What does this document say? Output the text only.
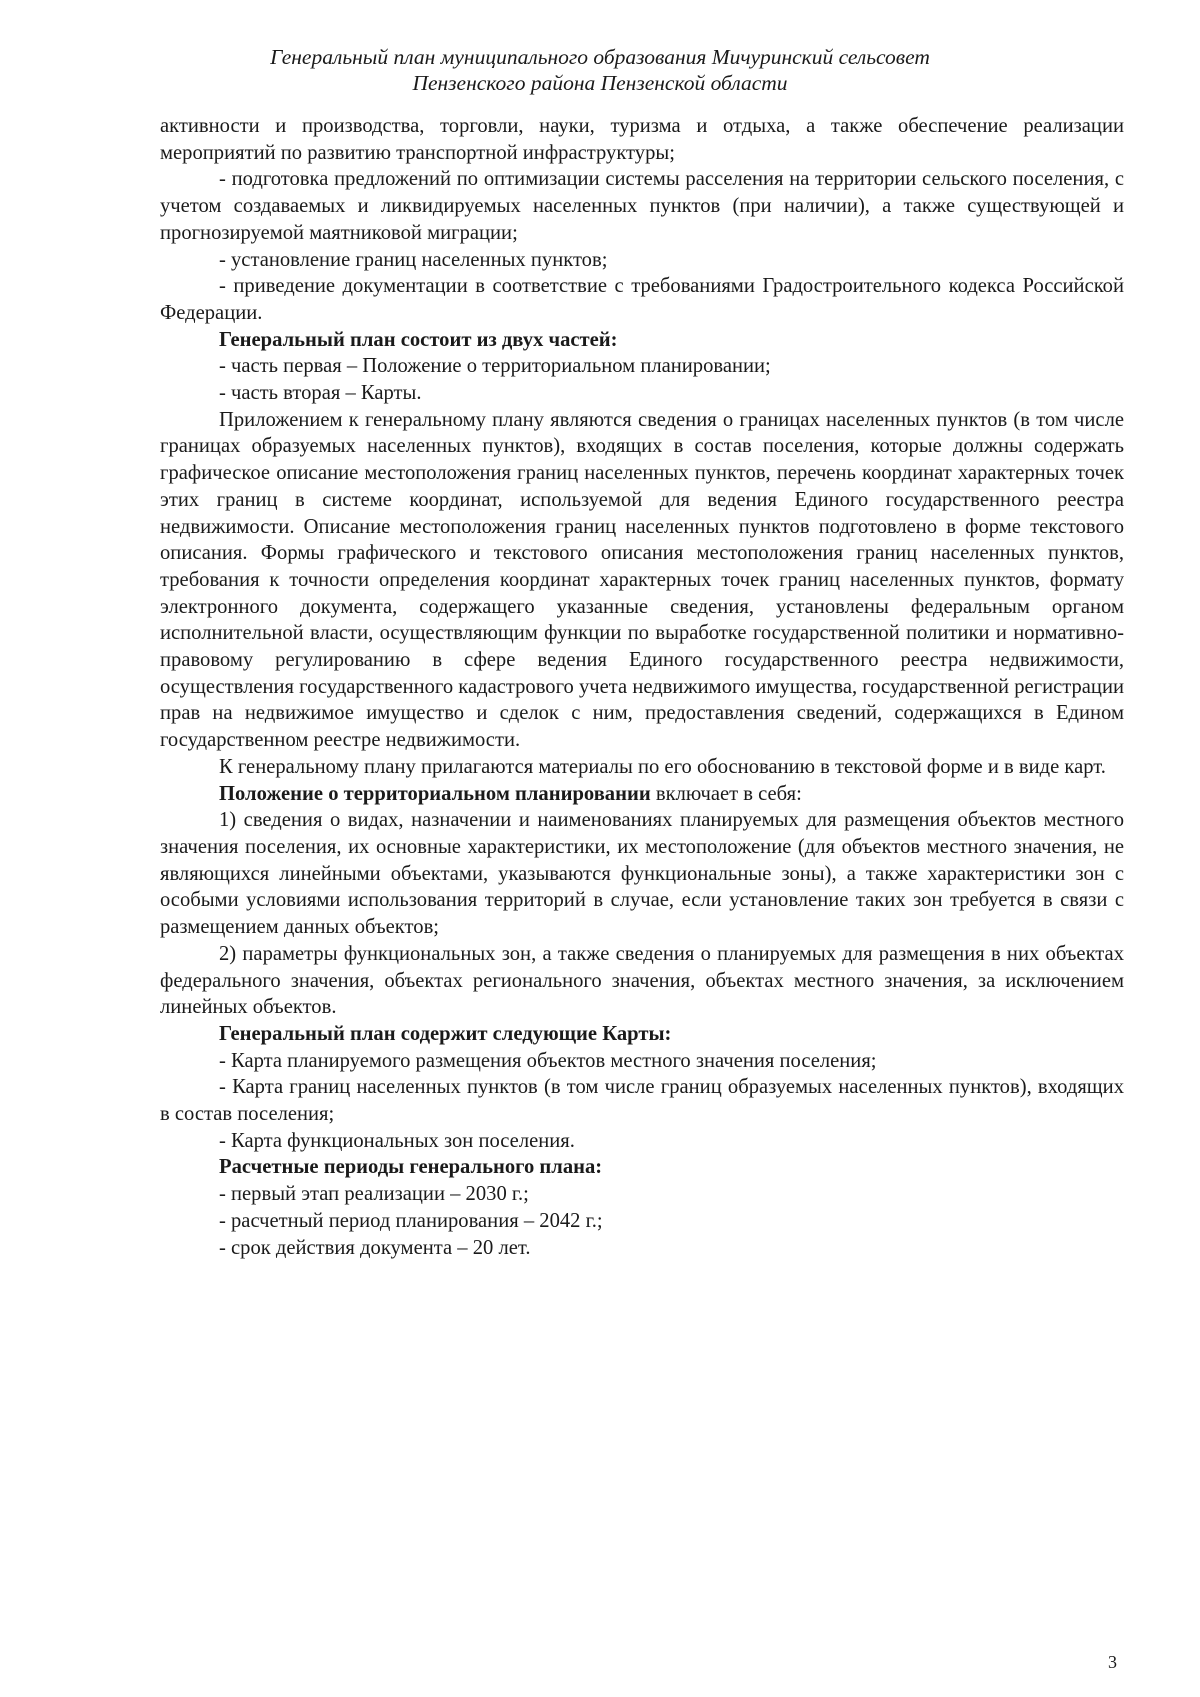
Генеральный план муниципального образования Мичуринский сельсовет
Пензенского района Пензенской области

активности и производства, торговли, науки, туризма и отдыха, а также обеспечение реализации мероприятий по развитию транспортной инфраструктуры;

- подготовка предложений по оптимизации системы расселения на территории сельского поселения, с учетом создаваемых и ликвидируемых населенных пунктов (при наличии), а также существующей и прогнозируемой маятниковой миграции;

- установление границ населенных пунктов;

- приведение документации в соответствие с требованиями Градостроительного кодекса Российской Федерации.

Генеральный план состоит из двух частей:

- часть первая – Положение о территориальном планировании;

- часть вторая – Карты.

Приложением к генеральному плану являются сведения о границах населенных пунктов (в том числе границах образуемых населенных пунктов), входящих в состав поселения, которые должны содержать графическое описание местоположения границ населенных пунктов, перечень координат характерных точек этих границ в системе координат, используемой для ведения Единого государственного реестра недвижимости. Описание местоположения границ населенных пунктов подготовлено в форме текстового описания. Формы графического и текстового описания местоположения границ населенных пунктов, требования к точности определения координат характерных точек границ населенных пунктов, формату электронного документа, содержащего указанные сведения, установлены федеральным органом исполнительной власти, осуществляющим функции по выработке государственной политики и нормативно-правовому регулированию в сфере ведения Единого государственного реестра недвижимости, осуществления государственного кадастрового учета недвижимого имущества, государственной регистрации прав на недвижимое имущество и сделок с ним, предоставления сведений, содержащихся в Едином государственном реестре недвижимости.

К генеральному плану прилагаются материалы по его обоснованию в текстовой форме и в виде карт.

Положение о территориальном планировании включает в себя:

1) сведения о видах, назначении и наименованиях планируемых для размещения объектов местного значения поселения, их основные характеристики, их местоположение (для объектов местного значения, не являющихся линейными объектами, указываются функциональные зоны), а также характеристики зон с особыми условиями использования территорий в случае, если установление таких зон требуется в связи с размещением данных объектов;

2) параметры функциональных зон, а также сведения о планируемых для размещения в них объектах федерального значения, объектах регионального значения, объектах местного значения, за исключением линейных объектов.

Генеральный план содержит следующие Карты:

- Карта планируемого размещения объектов местного значения поселения;

- Карта границ населенных пунктов (в том числе границ образуемых населенных пунктов), входящих в состав поселения;

- Карта функциональных зон поселения.

Расчетные периоды генерального плана:

- первый этап реализации – 2030 г.;

- расчетный период планирования – 2042 г.;

- срок действия документа – 20 лет.

3
